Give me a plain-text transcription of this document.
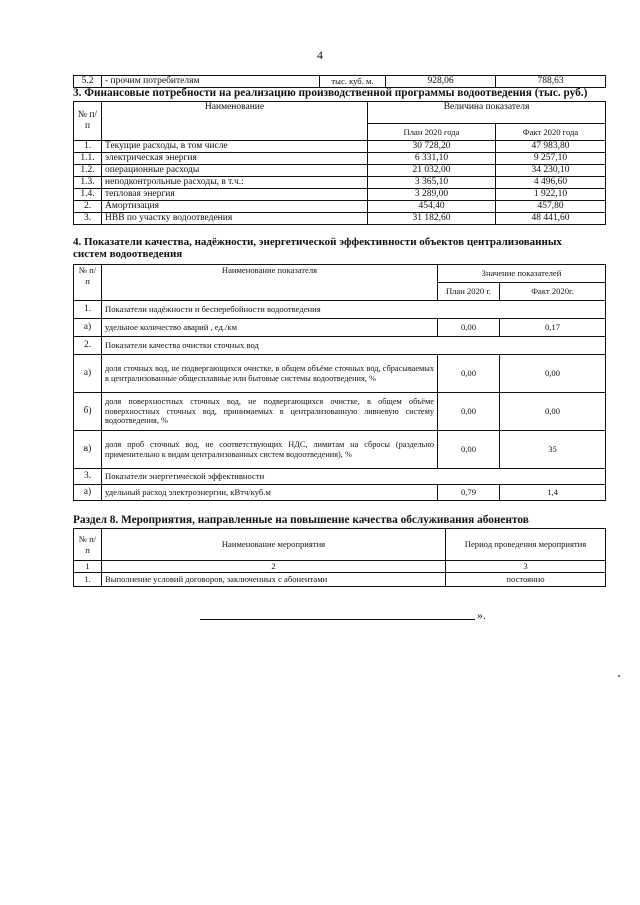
4
5.2	- прочим потребителям	тыс. куб. м.	928,06	788,63
3. Финансовые потребности на реализацию производственной программы водоотведения (тыс. руб.)
№ п/п	Наименование	Величина показателя	
		План 2020 года	Факт 2020 года
1.	Текущие расходы, в том числе	30 728,20	47 983,80
1.1.	электрическая энергия	6 331,10	9 257,10
1.2.	операционные расходы	21 032,00	34 230,10
1.3.	неподконтрольные расходы, в т.ч.:	3 365,10	4 496,60
1.4.	тепловая энергия	3 289,00	1 922,10
2.	Амортизация	454,40	457,80
3.	НВВ по участку водоотведения	31 182,60	48 441,60
4. Показатели качества, надёжности, энергетической эффективности объектов централизованных систем водоотведения
№ п/п	Наименование показателя	Значение показателей	
		План 2020 г.	Факт 2020г.
1.	Показатели надёжности и бесперебойности водоотведения		
а)	удельное количество аварий , ед./км	0,00	0,17
2.	Показатели качества очистки сточных вод		
а)	доля сточных вод, не подвергающихся очистке, в общем объёме сточных вод, сбрасываемых в централизованные общесплавные или бытовые системы водоотведения, %	0,00	0,00
б)	доля поверхностных сточных вод, не подвергающихся очистке, в общем объёме поверхностных сточных вод, принимаемых в централизованную ливневую систему водоотведения, %	0,00	0,00
в)	доля проб сточных вод, не соответствующих НДС, лимитам на сбросы (раздельно применительно к видам централизованных систем водоотведения), %	0,00	35
3.	Показатели энергетической эффективности		
а)	удельный расход электроэнергии, кВтч/куб.м	0,79	1,4
Раздел 8. Мероприятия, направленные на повышение качества обслуживания абонентов
№ п/п	Наименование мероприятия	Период проведения мероприятия
1	2	3
1.	Выполнение условий договоров, заключенных с абонентами	постоянно
».
